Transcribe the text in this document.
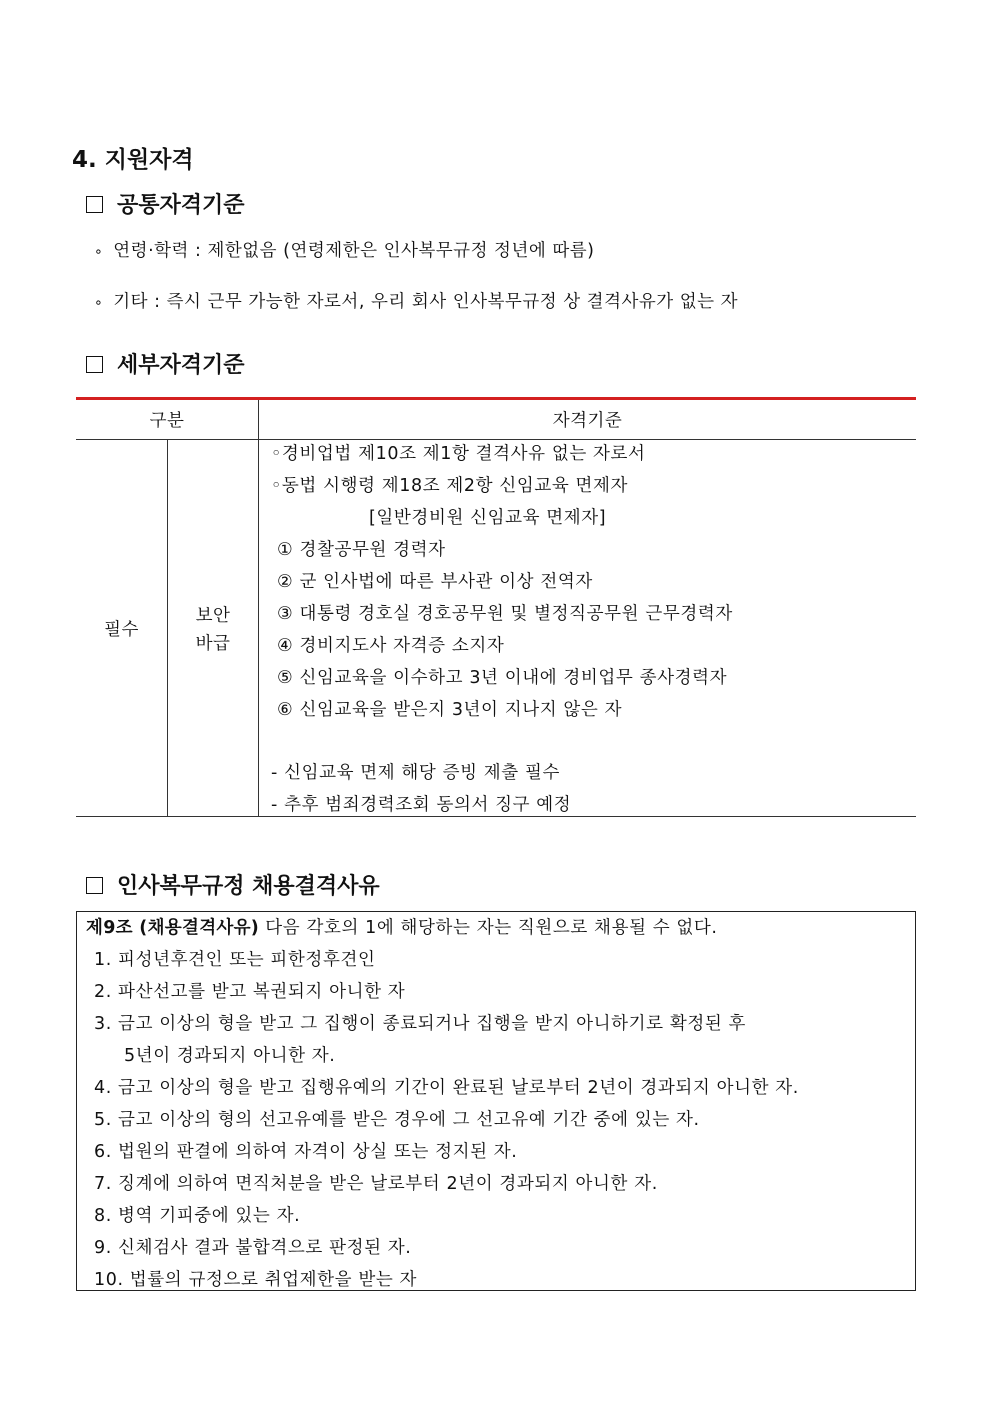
4. 지원자격
공통자격기준
∘ 연령·학력 : 제한없음 (연령제한은 인사복무규정 정년에 따름)
∘ 기타 : 즉시 근무 가능한 자로서, 우리 회사 인사복무규정 상 결격사유가 없는 자
세부자격기준
구분	자격기준
필수
보안
바급
◦경비업법 제10조 제1항 결격사유 없는 자로서
◦동법 시행령 제18조 제2항 신임교육 면제자
[일반경비원 신임교육 면제자]
① 경찰공무원 경력자
② 군 인사법에 따른 부사관 이상 전역자
③ 대통령 경호실 경호공무원 및 별정직공무원 근무경력자
④ 경비지도사 자격증 소지자
⑤ 신임교육을 이수하고 3년 이내에 경비업무 종사경력자
⑥ 신임교육을 받은지 3년이 지나지 않은 자
- 신임교육 면제 해당 증빙 제출 필수
- 추후 범죄경력조회 동의서 징구 예정
인사복무규정 채용결격사유
제9조 (채용결격사유) 다음 각호의 1에 해당하는 자는 직원으로 채용될 수 없다.
1. 피성년후견인 또는 피한정후견인
2. 파산선고를 받고 복권되지 아니한 자
3. 금고 이상의 형을 받고 그 집행이 종료되거나 집행을 받지 아니하기로 확정된 후
5년이 경과되지 아니한 자.
4. 금고 이상의 형을 받고 집행유예의 기간이 완료된 날로부터 2년이 경과되지 아니한 자.
5. 금고 이상의 형의 선고유예를 받은 경우에 그 선고유예 기간 중에 있는 자.
6. 법원의 판결에 의하여 자격이 상실 또는 정지된 자.
7. 징계에 의하여 면직처분을 받은 날로부터 2년이 경과되지 아니한 자.
8. 병역 기피중에 있는 자.
9. 신체검사 결과 불합격으로 판정된 자.
10. 법률의 규정으로 취업제한을 받는 자
